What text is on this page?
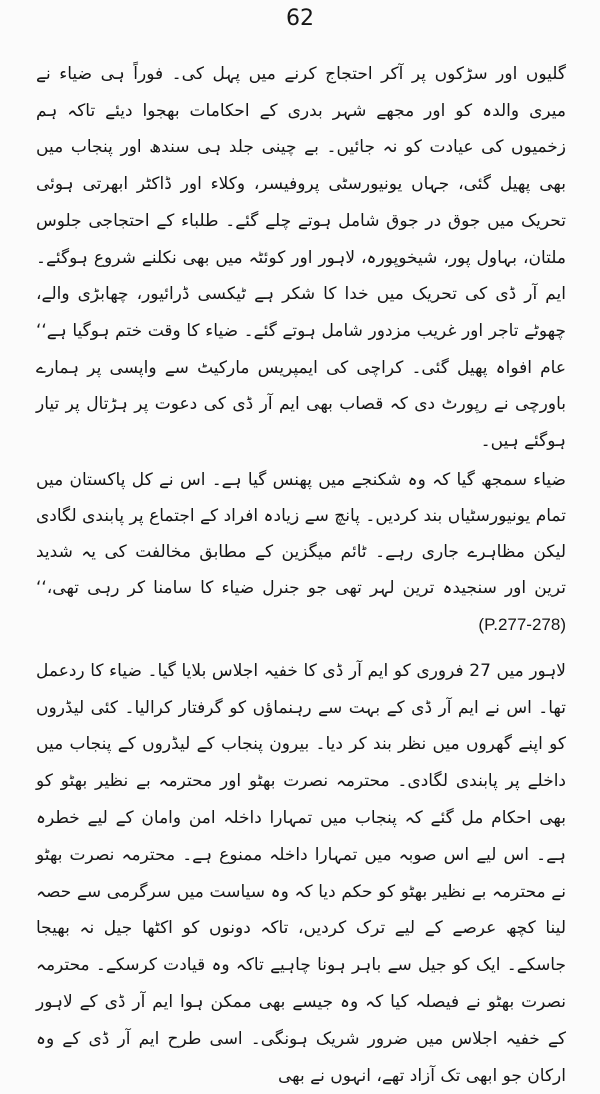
62

گلیوں اور سڑکوں پر آکر احتجاج کرنے میں پہل کی۔ فوراً ہی ضیاء نے میری والدہ کو اور مجھے شہر بدری کے احکامات بھجوا دیئے تاکہ ہم زخمیوں کی عیادت کو نہ جائیں۔ بے چینی جلد ہی سندھ اور پنجاب میں بھی پھیل گئی، جہاں یونیورسٹی پروفیسر، وکلاء اور ڈاکٹر ابھرتی ہوئی تحریک میں جوق در جوق شامل ہوتے چلے گئے۔ طلباء کے احتجاجی جلوس ملتان، بہاول پور، شیخوپورہ، لاہور اور کوئٹہ میں بھی نکلنے شروع ہوگئے۔ ایم آر ڈی کی تحریک میں خدا کا شکر ہے ٹیکسی ڈرائیور، چھابڑی والے، چھوٹے تاجر اور غریب مزدور شامل ہوتے گئے۔ ضیاء کا وقت ختم ہوگیا ہے‘‘ عام افواہ پھیل گئی۔ کراچی کی ایمپریس مارکیٹ سے واپسی پر ہمارے باورچی نے رپورٹ دی کہ قصاب بھی ایم آر ڈی کی دعوت پر ہڑتال پر تیار ہوگئے ہیں۔

ضیاء سمجھ گیا کہ وہ شکنجے میں پھنس گیا ہے۔ اس نے کل پاکستان میں تمام یونیورسٹیاں بند کردیں۔ پانچ سے زیادہ افراد کے اجتماع پر پابندی لگادی لیکن مظاہرے جاری رہے۔ ٹائم میگزین کے مطابق مخالفت کی یہ شدید ترین اور سنجیدہ ترین لہر تھی جو جنرل ضیاء کا سامنا کر رہی تھی،‘‘ (P.277-278)

لاہور میں 27 فروری کو ایم آر ڈی کا خفیہ اجلاس بلایا گیا۔ ضیاء کا ردعمل تھا۔ اس نے ایم آر ڈی کے بہت سے رہنماؤں کو گرفتار کرالیا۔ کئی لیڈروں کو اپنے گھروں میں نظر بند کر دیا۔ بیرون پنجاب کے لیڈروں کے پنجاب میں داخلے پر پابندی لگادی۔ محترمہ نصرت بھٹو اور محترمہ بے نظیر بھٹو کو بھی احکام مل گئے کہ پنجاب میں تمہارا داخلہ امن وامان کے لیے خطرہ ہے۔ اس لیے اس صوبہ میں تمہارا داخلہ ممنوع ہے۔ محترمہ نصرت بھٹو نے محترمہ بے نظیر بھٹو کو حکم دیا کہ وہ سیاست میں سرگرمی سے حصہ لینا کچھ عرصے کے لیے ترک کردیں، تاکہ دونوں کو اکٹھا جیل نہ بھیجا جاسکے۔ ایک کو جیل سے باہر ہونا چاہیے تاکہ وہ قیادت کرسکے۔ محترمہ نصرت بھٹو نے فیصلہ کیا کہ وہ جیسے بھی ممکن ہوا ایم آر ڈی کے لاہور کے خفیہ اجلاس میں ضرور شریک ہونگی۔ اسی طرح ایم آر ڈی کے وہ ارکان جو ابھی تک آزاد تھے، انہوں نے بھی
